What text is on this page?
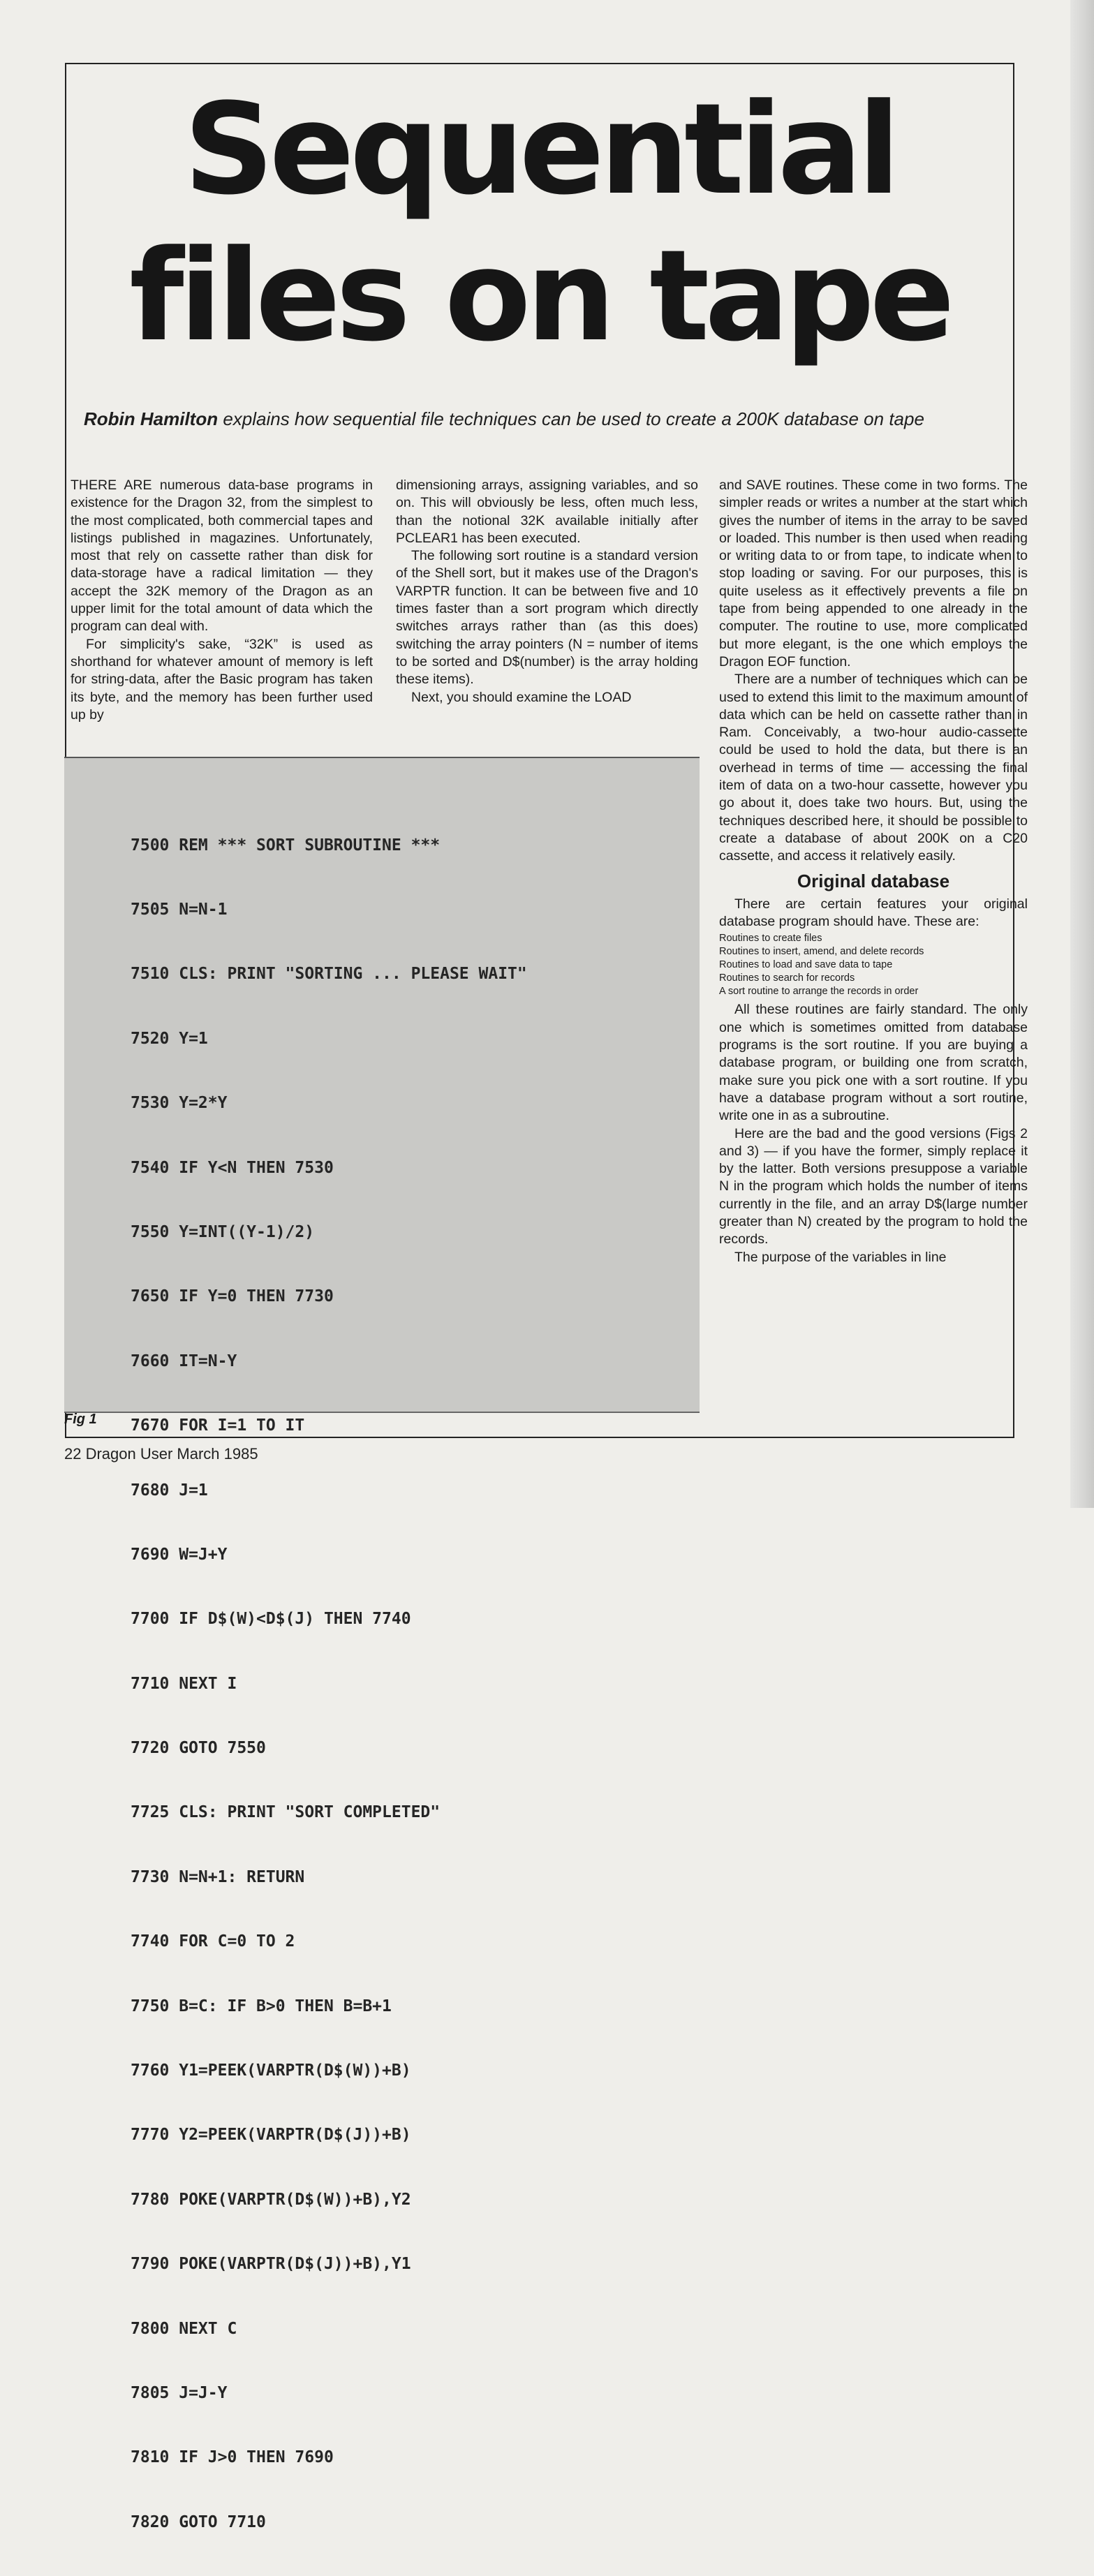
Sequential
files on tape

Robin Hamilton explains how sequential file techniques can be used to create a 200K database on tape

THERE ARE numerous data-base programs in existence for the Dragon 32, from the simplest to the most complicated, both commercial tapes and listings published in magazines. Unfortunately, most that rely on cassette rather than disk for data-storage have a radical limitation — they accept the 32K memory of the Dragon as an upper limit for the total amount of data which the program can deal with.

For simplicity's sake, “32K” is used as shorthand for whatever amount of memory is left for string-data, after the Basic program has taken its byte, and the memory has been further used up by

dimensioning arrays, assigning variables, and so on. This will obviously be less, often much less, than the notional 32K available initially after PCLEAR1 has been executed.

The following sort routine is a standard version of the Shell sort, but it makes use of the Dragon's VARPTR function. It can be between five and 10 times faster than a sort program which directly switches arrays rather than (as this does) switching the array pointers (N = number of items to be sorted and D$(number) is the array holding these items).

Next, you should examine the LOAD

and SAVE routines. These come in two forms. The simpler reads or writes a number at the start which gives the number of items in the array to be saved or loaded. This number is then used when reading or writing data to or from tape, to indicate when to stop loading or saving. For our purposes, this is quite useless as it effectively prevents a file on tape from being appended to one already in the computer. The routine to use, more complicated but more elegant, is the one which employs the Dragon EOF function.

There are a number of techniques which can be used to extend this limit to the maximum amount of data which can be held on cassette rather than in Ram. Conceivably, a two-hour audio-cassette could be used to hold the data, but there is an overhead in terms of time — accessing the final item of data on a two-hour cassette, however you go about it, does take two hours. But, using the techniques described here, it should be possible to create a database of about 200K on a C20 cassette, and access it relatively easily.

Original database

There are certain features your original database program should have. These are:

Routines to create files
Routines to insert, amend, and delete records
Routines to load and save data to tape
Routines to search for records
A sort routine to arrange the records in order

All these routines are fairly standard. The only one which is sometimes omitted from database programs is the sort routine. If you are buying a database program, or building one from scratch, make sure you pick one with a sort routine. If you have a database program without a sort routine, write one in as a subroutine.

Here are the bad and the good versions (Figs 2 and 3) — if you have the former, simply replace it by the latter. Both versions presuppose a variable N in the program which holds the number of items currently in the file, and an array D$(large number greater than N) created by the program to hold the records.

The purpose of the variables in line

7500 REM *** SORT SUBROUTINE ***

7505 N=N-1

7510 CLS: PRINT "SORTING ... PLEASE WAIT"

7520 Y=1

7530 Y=2*Y

7540 IF Y<N THEN 7530

7550 Y=INT((Y-1)/2)

7650 IF Y=0 THEN 7730

7660 IT=N-Y

7670 FOR I=1 TO IT

7680 J=1

7690 W=J+Y

7700 IF D$(W)<D$(J) THEN 7740

7710 NEXT I

7720 GOTO 7550

7725 CLS: PRINT "SORT COMPLETED"

7730 N=N+1: RETURN

7740 FOR C=0 TO 2

7750 B=C: IF B>0 THEN B=B+1

7760 Y1=PEEK(VARPTR(D$(W))+B)

7770 Y2=PEEK(VARPTR(D$(J))+B)

7780 POKE(VARPTR(D$(W))+B),Y2

7790 POKE(VARPTR(D$(J))+B),Y1

7800 NEXT C

7805 J=J-Y

7810 IF J>0 THEN 7690

7820 GOTO 7710

Fig 1

22 Dragon User March 1985
